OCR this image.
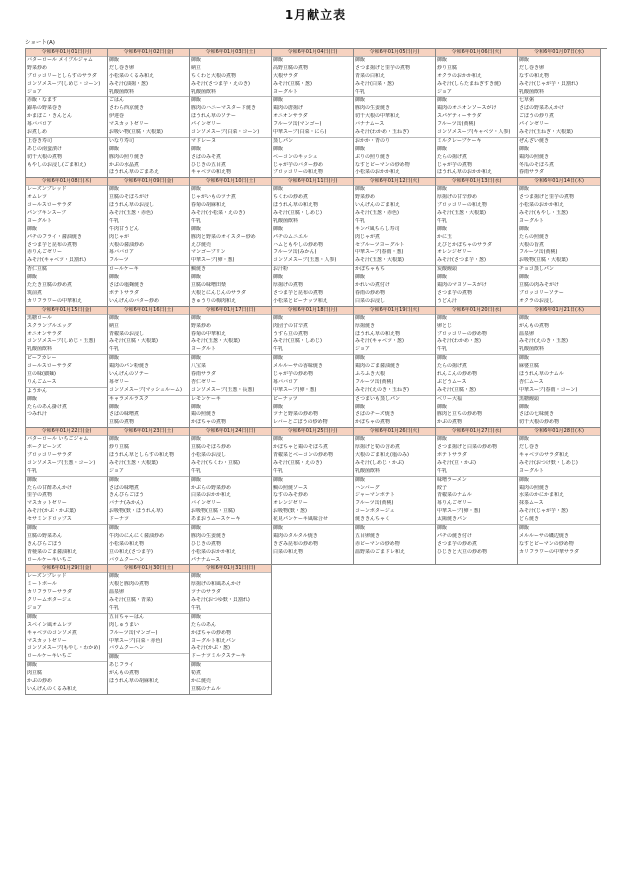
1月献立表
ショート(A)
令和6年01月01日(月)
バターロール メイプルジャム
野菜炒め
ブロッコリーとしらすのサラダ
コンソメスープ(しめじ・コーン)
ジョア
赤飯・なます
錦糸の野菜巻き
かまぼこ・きんとん
苺ババロア
お煮しめ
上巻き寿司
あじの南蛮漬け
切干大根の煮物
もやしのお浸し(ごま和え)
令和6年01月02日(金)
御飯
だし巻き卵
小松菜のくるみ和え
みそ汁(油揚・葱)
乳酸菌飲料
ごはん
さわら西京焼き
伊達巻
マスカットゼリー
お吸い物(豆腐・大根葉)
いなり寿司
御飯
豚肉の照り焼き
かぶの水晶煮
ほうれん草のごまあえ
令和6年01月03日(土)
御飯
納豆
ちくわと大根の煮物
みそ汁(さつま芋・えのき)
乳酸菌飲料
御飯
豚肉のハニーマスタード焼き
ほうれん草のソテー
パインゼリー
コンソメスープ(白菜・コーン)
マドレーヌ
御飯
さばのみそ煮
ひじきの五目煮
キャベツの和え物
令和6年01月04日(日)
御飯
高野豆腐の煮物
大根サラダ
みそ汁(豆腐・葱)
ヨーグルト
御飯
鶏肉の唐揚げ
オニオンサラダ
フルーツ缶(マンゴー)
中華スープ(白菜・にら)
蒸しパン
御飯
ベーコンのキッシュ
じゃが芋のバター炒め
ブロッコリーの和え物
令和6年01月05日(月)
御飯
さつま揚げと里芋の煮物
青菜の白和え
みそ汁(白菜・葱)
牛乳
御飯
豚肉の生姜焼き
切干大根の中華和え
バナナムース
みそ汁(わかめ・玉ねぎ)
おかか・青のり
御飯
ぶりの照り焼き
なすとピーマンの炒め物
小松菜のおかか和え
令和6年01月06日(火)
御飯
炒り豆腐
オクラのおかか和え
みそ汁(しらたまねぎすき焼)
ジョア
御飯
鶏肉のオニオンソースがけ
スパゲティーサラダ
フルーツ缶(黄桃)
コンソメスープ(キャベツ・人参)
ミルクレープケーキ
御飯
たらの揚げ煮
じゃが芋の煮物
ほうれん草のおかか和え
令和6年01月07日(水)
御飯
だし巻き卵
なすの和え物
みそ汁(じゃが芋・貝割れ)
乳酸菌飲料
七草粥
さばの野菜あんかけ
ごぼうの炒り煮
パインゼリー
みそ汁(玉ねぎ・大根葉)
ぜんざい焼き
御飯
鶏肉の照焼き
冬瓜のそぼろ煮
春雨サラダ
令和6年01月08日(木)
レーズンブレッド
オムレツ
コールスローサラダ
パンプキンスープ
ヨーグルト
御飯
パチのフライ・醤油焼き
さつま芋と昆布の煮物
赤りんごゼリー
みそ汁(キャベツ・貝割れ)
杏仁豆腐
御飯
たたき豆腐の炒め煮
筑前煮
カリフラワーの中華和え
令和6年01月09日(金)
御飯
豆腐のそぼろがけ
ほうれん草のお浸し
みそ汁(玉葱・赤色)
牛乳
牛肉甘うどん
肉じゃが
大根の醤油炒め
苺ババロア
フルーツ
ロールケーキ
御飯
さばの塩麹焼き
ポテトサラダ
いんげんのバター炒め
令和6年01月10日(土)
御飯
じゃがいものツナ煮
春菊の胡麻和え
みそ汁(小松菜・えのき)
牛乳
御飯
豚肉と野菜のオイスター炒め
えび焼売
マンゴープリン
中華スープ(卵・葱)
鯛焼き
御飯
豆腐の味噌田楽
大根とにんじんのサラダ
きゅうりの梅肉和え
令和6年01月11日(月)
御飯
ちくわの炒め煮
ほうれん草の和え物
みそ汁(豆腐・しめじ)
乳酸菌飲料
御飯
パチのムニエル
ハムともやしの炒め物
フルーツ缶(みかん)
コンソメスープ(玉葱・人参)
お汁粉
御飯
厚揚げの煮物
さつま芋と昆布の煮物
小松菜とピーナッツ和え
令和6年01月12日(火)
御飯
野菜炒め
いんげんのごま和え
みそ汁(玉葱・赤色)
牛乳
キンパ風ちらし寿司
肉じゃが煮
セブルーツヨーグルト
中華スープ(春雨・葱)
みそ汁(玉葱・大根葉)
かぼちゃもち
御飯
かれいの煮付け
春雨の炒め物
白菜のお浸し
令和6年01月13日(水)
御飯
厚揚げの甘辛炒め
ブロッコリーの和え物
みそ汁(玉葱・大根葉)
牛乳
御飯
かに玉
えびとかぼちゃのサラダ
オレンジゼリー
みそ汁(さつま芋・葱)
炭酸饅頭
御飯
鶏肉のマヨソースがけ
さつま芋の煮物
うどん汁
令和6年01月14日(木)
御飯
さつま揚げと里芋の煮物
小松菜のおかか和え
みそ汁(もやし・玉葱)
ヨーグルト
御飯
たらの照焼き
大根の旨煮
フルーツ缶(黄桃)
お吸物(豆腐・大根葉)
チョコ蒸しパン
御飯
豆腐の肉みそがけ
ブロッコリーソテー
オクラのお浸し
令和6年01月15日(金)
黒糖ロール
スクランブルエッグ
オニオンサラダ
コンソメスープ(しめじ・玉葱)
乳酸菌飲料
ビーフカレー
コールスローサラダ
豆の味(細麺)
りんごムース
ようかん
御飯
たらのあん掛け煮
つみれ汁
令和6年01月16日(土)
御飯
納豆
青椒菜のお浸し
みそ汁(豆腐・大根葉)
牛乳
御飯
鶏肉のパン粉焼き
いんげんのソテー
苺ゼリー
コンソメスープ(マッシュルーム)
キャラメルラスク
御飯
さばの味噌煮
豆腐の煮物
令和6年01月17日(日)
御飯
野菜炒め
春菊の中華和え
みそ汁(玉葱・大根葉)
ヨーグルト
御飯
八宝菜
春雨サラダ
杏仁ゼリー
コンソメスープ(玉葱・長葱)
レモンケーキ
御飯
鶏の照焼き
かぼちゃの煮物
令和6年01月18日(月)
御飯
肉団子の甘辛煮
うずら豆の煮物
みそ汁(豆腐・しめじ)
牛乳
御飯
メルルーサの香味焼き
じゃが芋の炒め物
苺ババロア
中華スープ(卵・葱)
ビーナッツ
御飯
ツナと野菜の炒め物
レバーとごぼうの炒め物
令和6年01月19日(火)
御飯
厚揚焼き
ほうれん草の和え物
みそ汁(キャベツ・葱)
ジョア
御飯
鶏肉のごま醤油焼き
ふろふき大根
フルーツ缶(黄桃)
みそ汁(えのき・玉ねぎ)
さつまいも蒸しパン
御飯
さばのチーズ焼き
かぼちゃの煮物
令和6年01月20日(水)
御飯
卵とじ
ブロッコリーの炒め物
みそ汁(わかめ・葱)
牛乳
御飯
たらの揚げ煮
れんこんの炒め物
ぶどうムース
みそ汁(豆腐・葱)
ベリー大福
御飯
豚肉と豆ちの炒め物
かぶの煮物
令和6年01月21日(木)
御飯
がんもの煮物
温泉卵
みそ汁(えのき・玉葱)
乳酸菌飲料
御飯
麻婆豆腐
ほうれん草のナムル
杏仁ムース
中華スープ(春雨・コーン)
黒糖饅頭
御飯
さばの七味焼き
切干大根の炒め物
令和6年01月22日(金)
バターロール いちごジャム
ポークビーンズ
ブロッコリーサラダ
コンソメスープ(玉葱・コーン)
牛乳
御飯
たらの甘酢あんかけ
里芋の煮物
マスカットゼリー
みそ汁(かぶ・かぶ葉)
セサミンドロップス
御飯
豆腐の野菜あん
きんぴらごぼう
青梗菜のごま醤油和え
ロールケーキいちご
令和6年01月23日(土)
御飯
炒り豆腐
ほうれん草としらすの和え物
みそ汁(玉葱・大根葉)
ジョア
御飯
さばの味噌煮
きんぴらごぼう
バナナ(みかん)
お吸物(麩・ほうれん草)
ドーナツ
御飯
牛肉のにんにく醤油炒め
小松菜の和え物
豆の和え(さつま芋)
バウムクーヘン
令和6年01月24日(日)
御飯
豆腐のそぼろ炒め
小松菜のお浸し
みそ汁(ちくわ・豆腐)
牛乳
御飯
かぶらの野菜炒め
白菜のおかか和え
バインゼリー
お吸物(豆腐・豆腐)
あまおうムースケーキ
御飯
豚肉の生姜焼き
ひじきの煮物
小松菜のおかか和え
パナナムース
令和6年01月25日(月)
御飯
かぼちゃと鶏のそぼろ煮
青椒菜とベーコンの炒め物
みそ汁(豆腐・えのき)
牛乳
御飯
鯛の照焼ソース
なすのみそ炒め
オレンジゼリー
お吸物(麩・葱)
花見パンケーキ風味合せ
御飯
鶏肉のタルタル焼き
きざみ昆布の炒め物
白菜の和え物
令和6年01月26日(火)
御飯
厚揚げと筍の含め煮
大根のごま和え(塩のみ)
みそ汁(しめじ・かぶ)
乳酸菌飲料
御飯
ハンバーグ
ジャーマンポテト
フルーツ缶(黄桃)
コーンポタージュ
焼ききんちゃく
御飯
五目卵焼き
赤ピーマンの炒め物
温野菜のごまドレ和え
令和6年01月27日(水)
御飯
さつま揚げと白菜の炒め物
ポテトサラダ
みそ汁(豆・かぶ)
牛乳
味噌ラーメン
餃子
青椒菜のナムル
苺りんごゼリー
中華スープ(卵・葱)
太陽焼きパン
御飯
パチの焼き付け
さつま芋の炒め煮
ひじきと大豆の炒め物
令和6年01月28日(木)
御飯
だし巻き
キャベツのサラダ和え
みそ汁(おつけ麩・しめじ)
ヨーグルト
御飯
鶏肉の照焼き
水菜のかにかま和え
抹茶ムース
みそ汁(じゃが芋・葱)
どら焼き
御飯
メルルーサの磯辺焼き
なすとピーマンの炒め物
カリフラワーの中華サラダ
令和6年01月29日(金)
レーズンブレッド
ミートボール
カリフラワーサラダ
クリームポタージュ
ジョア
御飯
スペイン風オムレツ
キャベツのコンソメ煮
マスカットゼリー
コンソメスープ(もやし・わかめ)
ロールケーキいちご
御飯
肉豆腐
かぶの炒め
いんげんのくるみ和え
令和6年01月30日(土)
御飯
大根と豚肉の煮物
温泉卵
みそ汁(豆腐・青菜)
牛乳
五目ちゃーはん
肉しゅうまい
フルーツ缶(マンゴー)
中華スープ(白菜・赤色)
バウムクーヘン
御飯
あじフライ
がんもの煮物
ほうれん草の胡麻和え
令和6年01月31日(日)
御飯
厚揚げの和風あんかけ
ツナのサラダ
みそ汁(おつゆ麩・貝割れ)
牛乳
御飯
たらのあん
かぼちゃの炒め物
ヨーグルト和えパン
みそ汁(かぶ・葱)
ドーナツミルクステーキ
御飯
筍煮
かに焼売
豆腐のナムル
